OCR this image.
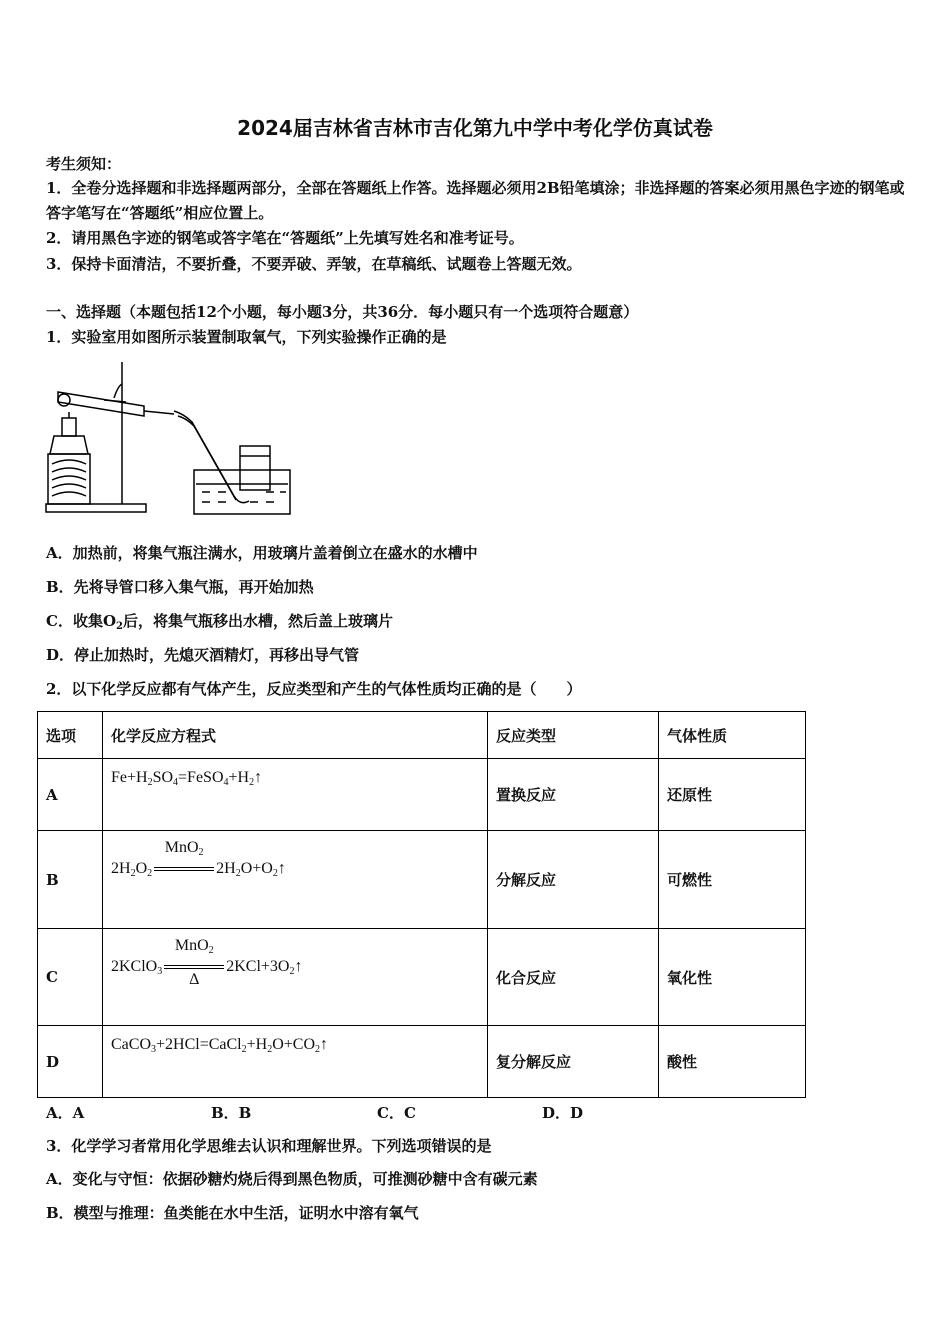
2024届吉林省吉林市吉化第九中学中考化学仿真试卷
考生须知：
1．全卷分选择题和非选择题两部分，全部在答题纸上作答。选择题必须用2B铅笔填涂；非选择题的答案必须用黑色字迹的钢笔或答字笔写在“答题纸”相应位置上。
2．请用黑色字迹的钢笔或答字笔在“答题纸”上先填写姓名和准考证号。
3．保持卡面清洁，不要折叠，不要弄破、弄皱，在草稿纸、试题卷上答题无效。
一、选择题（本题包括12个小题，每小题3分，共36分．每小题只有一个选项符合题意）
1．实验室用如图所示装置制取氧气，下列实验操作正确的是
A．加热前，将集气瓶注满水，用玻璃片盖着倒立在盛水的水槽中
B．先将导管口移入集气瓶，再开始加热
C．收集$O_2$后，将集气瓶移出水槽，然后盖上玻璃片
D．停止加热时，先熄灭酒精灯，再移出导气管
2．以下化学反应都有气体产生，反应类型和产生的气体性质均正确的是（　　）
选项	化学反应方程式	反应类型	气体性质
A	$Fe+H_2SO_4=FeSO_4+H_2↑$	置换反应	还原性
B	$2H_2O_2$
MnO$_2$
$2H_2O+O_2↑$	分解反应	可燃性
C	2KClO$_3$
MnO$_2$
Δ
$2KCl+3O_2↑$	化合反应	氧化性
D	$CaCO_3+2HCl=CaCl_2+H_2O+CO_2↑$	复分解反应	酸性
A．A	B．B	C．C	D．D
3．化学学习者常用化学思维去认识和理解世界。下列选项错误的是
A．变化与守恒：依据砂糖灼烧后得到黑色物质，可推测砂糖中含有碳元素
B．模型与推理：鱼类能在水中生活，证明水中溶有氧气
